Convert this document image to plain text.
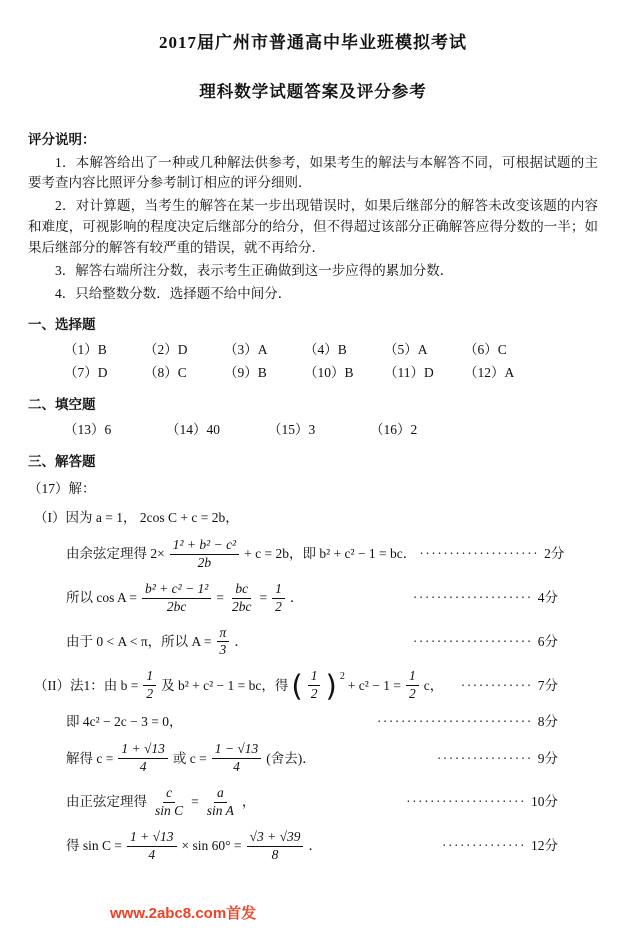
2017届广州市普通高中毕业班模拟考试
理科数学试题答案及评分参考
评分说明：

1．本解答给出了一种或几种解法供参考，如果考生的解法与本解答不同，可根据试题的主要考查内容比照评分参考制订相应的评分细则．

2．对计算题，当考生的解答在某一步出现错误时，如果后继部分的解答未改变该题的内容和难度，可视影响的程度决定后继部分的给分，但不得超过该部分正确解答应得分数的一半；如果后继部分的解答有较严重的错误，就不再给分．

3．解答右端所注分数，表示考生正确做到这一步应得的累加分数．

4．只给整数分数．选择题不给中间分．

一、选择题
（1）B	（2）D	（3）A	（4）B	（5）A	（6）C
（7）D	（8）C	（9）B	（10）B	（11）D	（12）A
二、填空题
（13）6	（14）40	（15）3	（16）2
三、解答题
（17）解：
（I）因为 a = 1， 2cos C + c = 2b，
由余弦定理得 $2\times \frac{\text{1² + b² − c²}}{2b} + c = 2b$，即 b² + c² − 1 = bc． ···················· 2分
所以 $\cos A = \frac{\text{b² + c² − 1²}}{2bc} = \frac{bc}{2bc} = \frac{1}{2}$ ．	···················· 4分
由于 0 < A < π，所以 $A = \frac{\pi}{3}$ ．	···················· 6分
（II）法1：由 $b = \frac{1}{2}$ 及 b² + c² − 1 = bc，得 ( $\frac{1}{2}$ ) 2
+ $c^2 - 1 = \frac{1}{2}$ c， ············ 7分
即 4c² − 2c − 3 = 0，	·························· 8分
解得 $c = \frac{1 + √13}{4}$ 或 $c = \frac{1 - √13}{4}$ (舍去)．	················ 9分
由正弦定理得 $\frac{c}{\text{sin C}} = \frac{a}{\text{sin A}}$ ，	···················· 10分
得 $\sin C = \frac{1 + √13}{4} \times \sin 60^\circ = \frac{√3 + √39}{8}$ ．	·············· 12分
www.2abc8.com首发
